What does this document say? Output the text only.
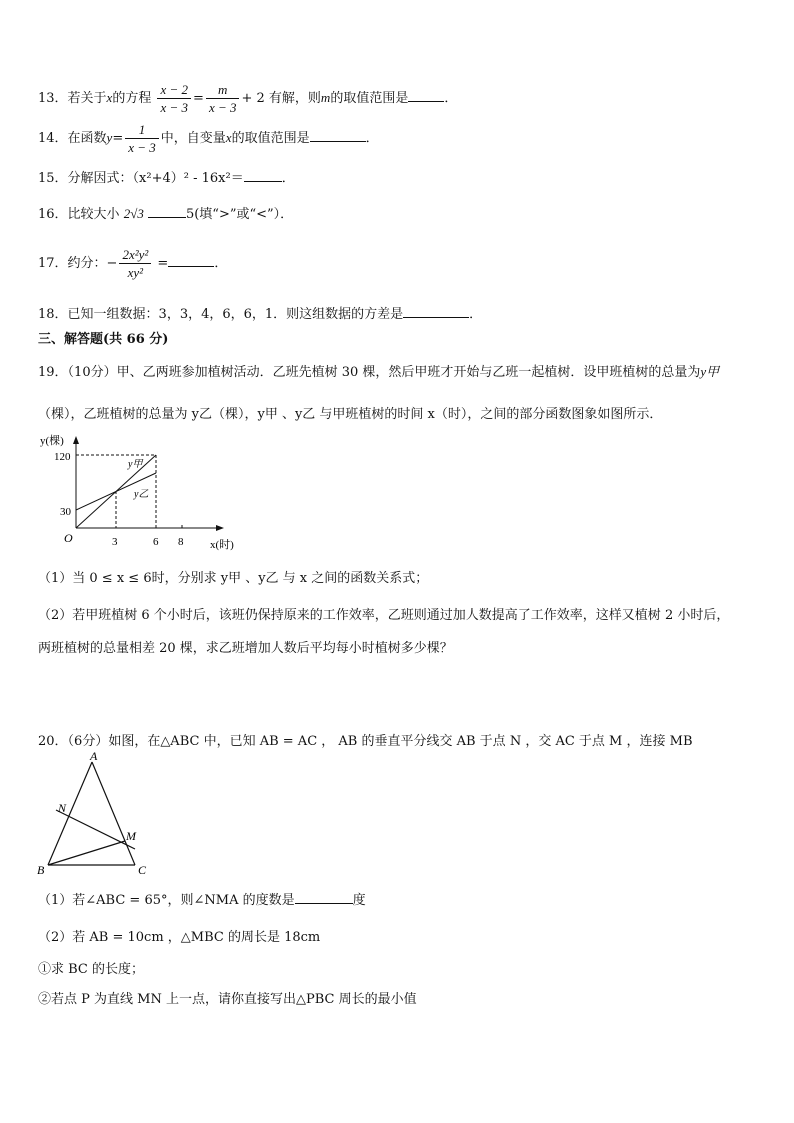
13．若关于x的方程 $\frac{x - 2}{x - 3} = \frac{m}{x - 3} + 2$ 有解，则m的取值范围是	．
14．在函数$y= \frac{1}{x - 3}$ 中，自变量x的取值范围是	．
15．分解因式：（x²+4）² - 16x²＝	．
16．比较大小 2√3	5(填“>”或“<”）．
17．约分：− $\frac{\text{2x²y²}}{\text{xy²}}$ =	．
18．已知一组数据：3，3，4，6，6，1．则这组数据的方差是	．
三、解答题(共 66 分)
19．（10分）甲、乙两班参加植树活动．乙班先植树 30 棵，然后甲班才开始与乙班一起植树．设甲班植树的总量为y甲
（棵），乙班植树的总量为 y乙（棵），y甲 、y乙 与甲班植树的时间 x（时），之间的部分函数图象如图所示．
y(棵)
120
30
O	3	6 8 x(时)
y甲
y乙
（1）当 0 ≤ x ≤ 6时，分别求 y甲 、y乙 与 x 之间的函数关系式；
（2）若甲班植树 6 个小时后，该班仍保持原来的工作效率，乙班则通过加人数提高了工作效率，这样又植树 2 小时后，
两班植树的总量相差 20 棵，求乙班增加人数后平均每小时植树多少棵？
20．（6分）如图，在△ABC 中，已知 AB = AC ， AB 的垂直平分线交 AB 于点 N ，交 AC 于点 M ，连接 MB
A
B	C
N
M
（1）若∠ABC = 65°，则∠NMA 的度数是	度
（2）若 AB = 10cm ，△MBC 的周长是 18cm
①求 BC 的长度；
②若点 P 为直线 MN 上一点，请你直接写出△PBC 周长的最小值
